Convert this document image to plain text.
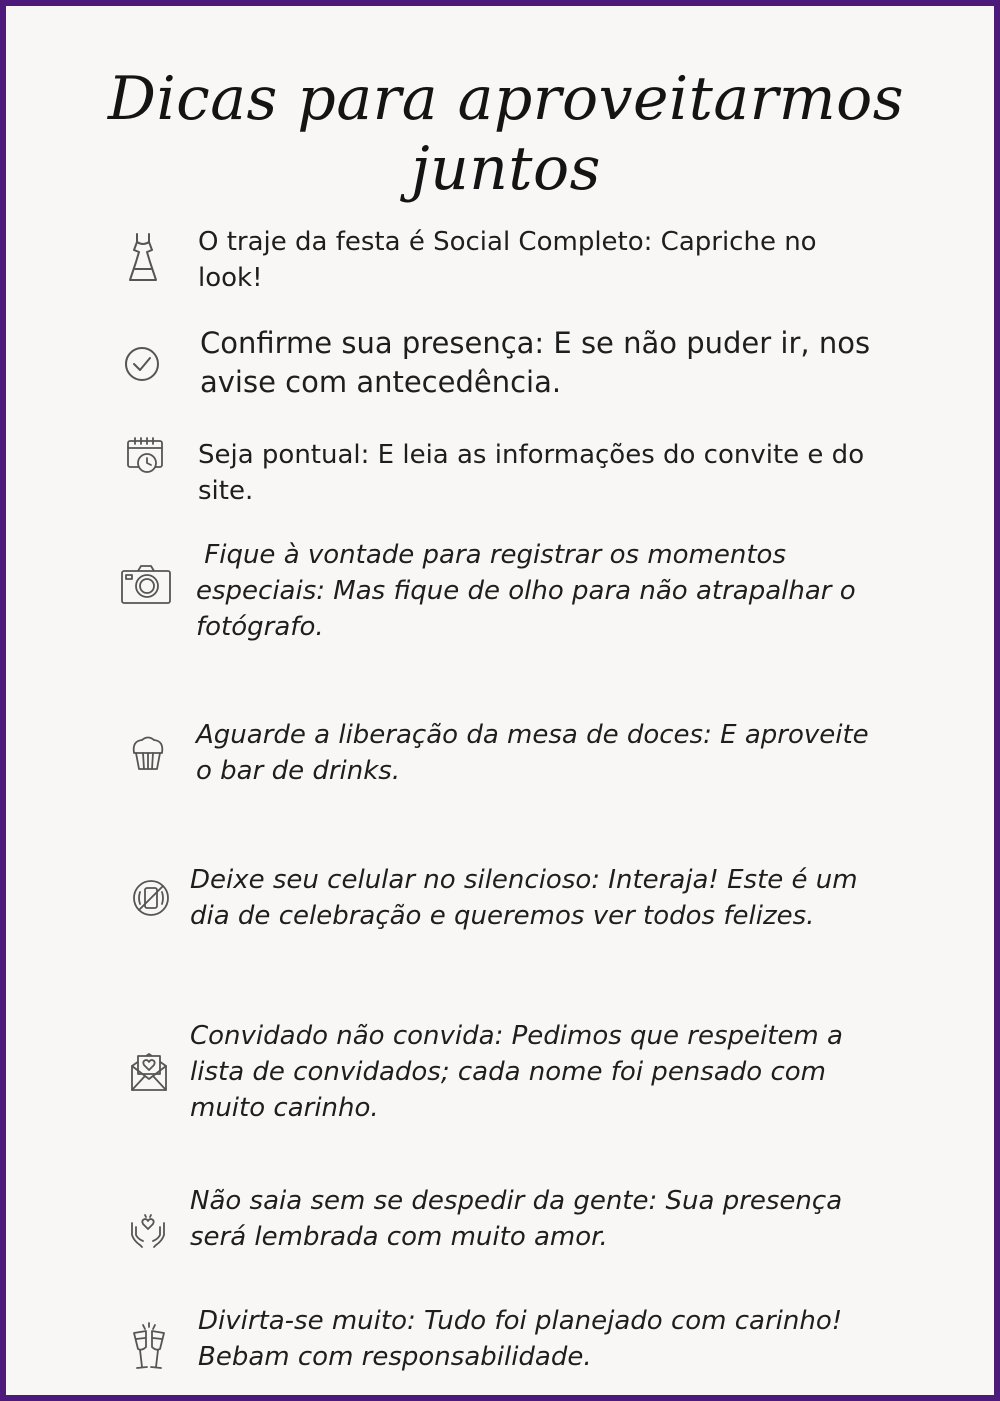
Dicas para aproveitarmos juntos
O traje da festa é Social Completo: Capriche no look!
Confirme sua presença: E se não puder ir, nos avise com antecedência.
Seja pontual: E leia as informações do convite e do site.
Fique à vontade para registrar os momentos especiais: Mas fique de olho para não atrapalhar o fotógrafo.
Aguarde a liberação da mesa de doces: E aproveite o bar de drinks.
Deixe seu celular no silencioso: Interaja! Este é um dia de celebração e queremos ver todos felizes.
Convidado não convida: Pedimos que respeitem a lista de convidados; cada nome foi pensado com muito carinho.
Não saia sem se despedir da gente: Sua presença será lembrada com muito amor.
Divirta-se muito: Tudo foi planejado com carinho! Bebam com responsabilidade.
